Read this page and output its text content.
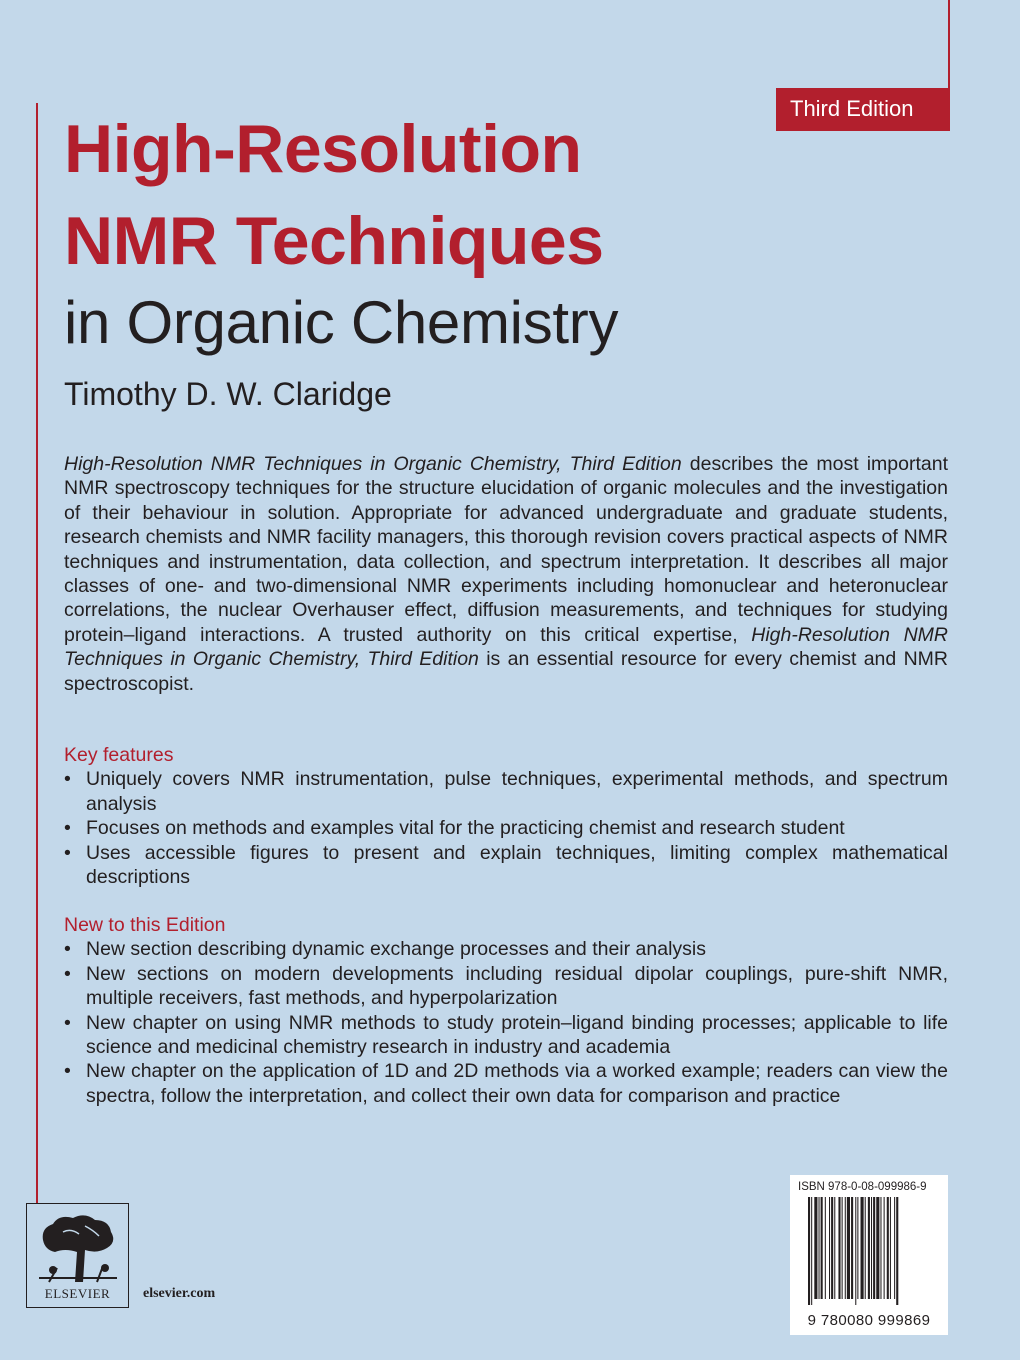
Third Edition
High-Resolution
NMR Techniques
in Organic Chemistry
Timothy D. W. Claridge

High-Resolution NMR Techniques in Organic Chemistry, Third Edition describes the most important NMR spectroscopy techniques for the structure elucidation of organic molecules and the investigation of their behaviour in solution. Appropriate for advanced undergraduate and graduate students, research chemists and NMR facility managers, this thorough revision covers practical aspects of NMR techniques and instrumentation, data collection, and spectrum interpretation. It describes all major classes of one- and two-dimensional NMR experiments including homonuclear and heteronuclear correlations, the nuclear Overhauser effect, diffusion measurements, and techniques for studying protein–ligand interactions. A trusted authority on this critical expertise, High-Resolution NMR Techniques in Organic Chemistry, Third Edition is an essential resource for every chemist and NMR spectroscopist.

Key features
• Uniquely covers NMR instrumentation, pulse techniques, experimental methods, and spectrum analysis
• Focuses on methods and examples vital for the practicing chemist and research student
• Uses accessible figures to present and explain techniques, limiting complex mathematical descriptions
New to this Edition
• New section describing dynamic exchange processes and their analysis
• New sections on modern developments including residual dipolar couplings, pure-shift NMR, multiple receivers, fast methods, and hyperpolarization
• New chapter on using NMR methods to study protein–ligand binding processes; applicable to life science and medicinal chemistry research in industry and academia
• New chapter on the application of 1D and 2D methods via a worked example; readers can view the spectra, follow the interpretation, and collect their own data for comparison and practice
ELSEVIER	elsevier.com
ISBN 978-0-08-099986-9
9 780080 999869
